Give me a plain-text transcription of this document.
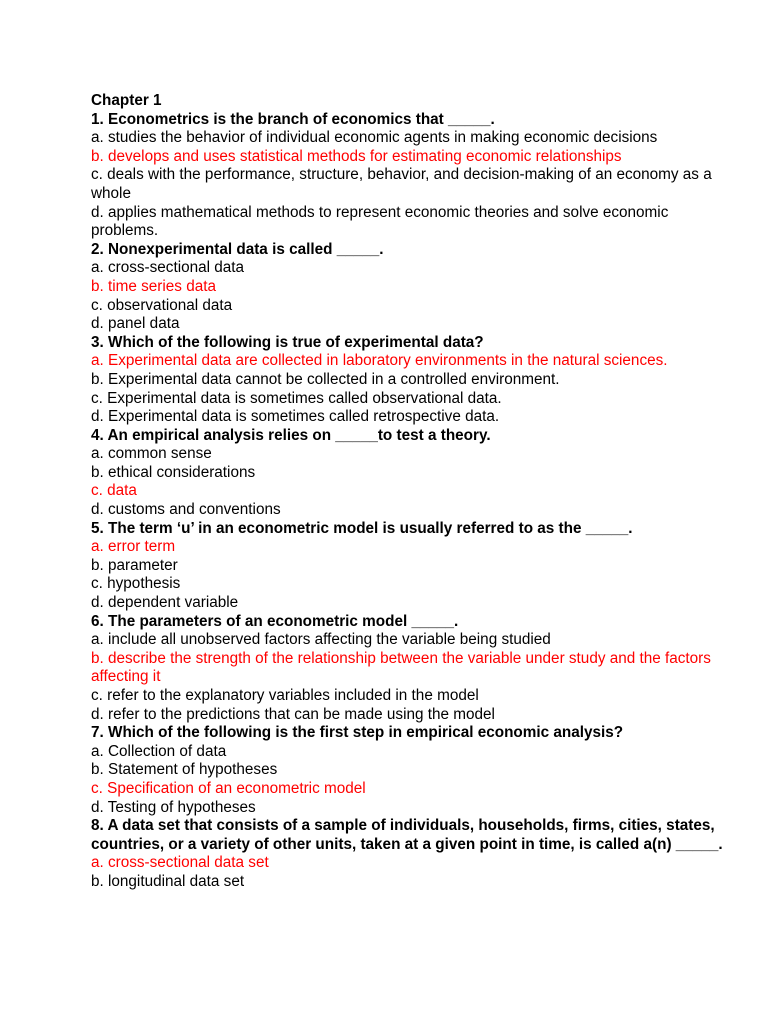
Chapter 1
1. Econometrics is the branch of economics that _____.
a. studies the behavior of individual economic agents in making economic decisions
b. develops and uses statistical methods for estimating economic relationships
c. deals with the performance, structure, behavior, and decision-making of an economy as a whole
d. applies mathematical methods to represent economic theories and solve economic problems.
2. Nonexperimental data is called _____.
a. cross-sectional data
b. time series data
c. observational data
d. panel data
3. Which of the following is true of experimental data?
a. Experimental data are collected in laboratory environments in the natural sciences.
b. Experimental data cannot be collected in a controlled environment.
c. Experimental data is sometimes called observational data.
d. Experimental data is sometimes called retrospective data.
4. An empirical analysis relies on _____to test a theory.
a. common sense
b. ethical considerations
c. data
d. customs and conventions
5. The term ‘u’ in an econometric model is usually referred to as the _____.
a. error term
b. parameter
c. hypothesis
d. dependent variable
6. The parameters of an econometric model _____.
a. include all unobserved factors affecting the variable being studied
b. describe the strength of the relationship between the variable under study and the factors affecting it
c. refer to the explanatory variables included in the model
d. refer to the predictions that can be made using the model
7. Which of the following is the first step in empirical economic analysis?
a. Collection of data
b. Statement of hypotheses
c. Specification of an econometric model
d. Testing of hypotheses
8. A data set that consists of a sample of individuals, households, firms, cities, states, countries, or a variety of other units, taken at a given point in time, is called a(n) _____.
a. cross-sectional data set
b. longitudinal data set
